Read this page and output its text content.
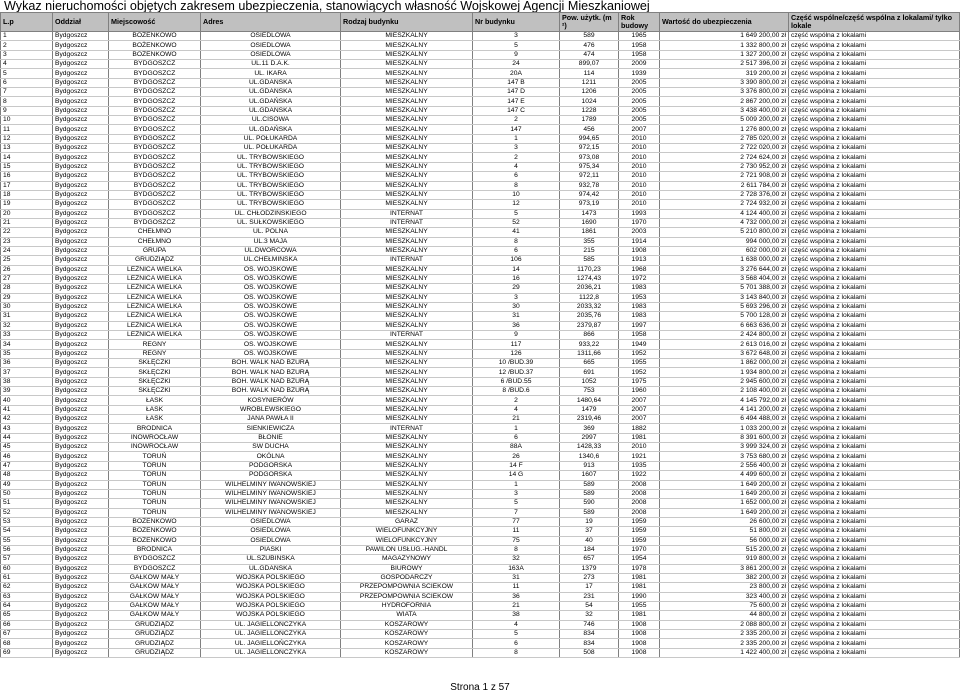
Wykaz nieruchomości objętych zakresem ubezpieczenia, stanowiących własność Wojskowej Agencji Mieszkaniowej
L.p	Oddział	Miejscowość	Adres	Rodzaj budynku	Nr budynku	Pow. użytk. (m ²)	Rok budowy	Wartość do ubezpieczenia	Część wspólne/część wspólna z lokalami/ tylko lokale
1	Bydgoszcz	BOŻENKOWO	OSIEDLOWA	MIESZKALNY	3	589	1965	1 649 200,00 zł	część wspólna z lokalami
2	Bydgoszcz	BOŻENKOWO	OSIEDLOWA	MIESZKALNY	5	476	1958	1 332 800,00 zł	część wspólna z lokalami
3	Bydgoszcz	BOŻENKOWO	OSIEDLOWA	MIESZKALNY	9	474	1958	1 327 200,00 zł	część wspólna z lokalami
4	Bydgoszcz	BYDGOSZCZ	UL.11 D.A.K.	MIESZKALNY	24	899,07	2009	2 517 396,00 zł	część wspólna z lokalami
5	Bydgoszcz	BYDGOSZCZ	UL. IKARA	MIESZKALNY	20A	114	1939	319 200,00 zł	część wspólna z lokalami
6	Bydgoszcz	BYDGOSZCZ	UL.GDAŃSKA	MIESZKALNY	147 B	1211	2005	3 390 800,00 zł	część wspólna z lokalami
7	Bydgoszcz	BYDGOSZCZ	UL.GDAŃSKA	MIESZKALNY	147 D	1206	2005	3 376 800,00 zł	część wspólna z lokalami
8	Bydgoszcz	BYDGOSZCZ	UL.GDAŃSKA	MIESZKALNY	147 E	1024	2005	2 867 200,00 zł	część wspólna z lokalami
9	Bydgoszcz	BYDGOSZCZ	UL.GDAŃSKA	MIESZKALNY	147 C	1228	2005	3 438 400,00 zł	część wspólna z lokalami
10	Bydgoszcz	BYDGOSZCZ	UL.CISOWA	MIESZKALNY	2	1789	2005	5 009 200,00 zł	część wspólna z lokalami
11	Bydgoszcz	BYDGOSZCZ	UL.GDAŃSKA	MIESZKALNY	147	456	2007	1 276 800,00 zł	część wspólna z lokalami
12	Bydgoszcz	BYDGOSZCZ	UL. POŁUKARDA	MIESZKALNY	1	994,65	2010	2 785 020,00 zł	część wspólna z lokalami
13	Bydgoszcz	BYDGOSZCZ	UL. POŁUKARDA	MIESZKALNY	3	972,15	2010	2 722 020,00 zł	część wspólna z lokalami
14	Bydgoszcz	BYDGOSZCZ	UL. TRYBOWSKIEGO	MIESZKALNY	2	973,08	2010	2 724 624,00 zł	część wspólna z lokalami
15	Bydgoszcz	BYDGOSZCZ	UL. TRYBOWSKIEGO	MIESZKALNY	4	975,34	2010	2 730 952,00 zł	część wspólna z lokalami
16	Bydgoszcz	BYDGOSZCZ	UL. TRYBOWSKIEGO	MIESZKALNY	6	972,11	2010	2 721 908,00 zł	część wspólna z lokalami
17	Bydgoszcz	BYDGOSZCZ	UL. TRYBOWSKIEGO	MIESZKALNY	8	932,78	2010	2 611 784,00 zł	część wspólna z lokalami
18	Bydgoszcz	BYDGOSZCZ	UL. TRYBOWSKIEGO	MIESZKALNY	10	974,42	2010	2 728 376,00 zł	część wspólna z lokalami
19	Bydgoszcz	BYDGOSZCZ	UL. TRYBOWSKIEGO	MIESZKALNY	12	973,19	2010	2 724 932,00 zł	część wspólna z lokalami
20	Bydgoszcz	BYDGOSZCZ	UL. CHŁODZIŃSKIEGO	INTERNAT	5	1473	1993	4 124 400,00 zł	część wspólna z lokalami
21	Bydgoszcz	BYDGOSZCZ	UL. SUŁKOWSKIEGO	INTERNAT	52	1690	1970	4 732 000,00 zł	część wspólna z lokalami
22	Bydgoszcz	CHEŁMNO	UL. POLNA	MIESZKALNY	41	1861	2003	5 210 800,00 zł	część wspólna z lokalami
23	Bydgoszcz	CHEŁMNO	UL.3 MAJA	MIESZKALNY	8	355	1914	994 000,00 zł	część wspólna z lokalami
24	Bydgoszcz	GRUPA	UL.DWORCOWA	MIESZKALNY	6	215	1908	602 000,00 zł	część wspólna z lokalami
25	Bydgoszcz	GRUDZIĄDZ	UL.CHEŁMIŃSKA	INTERNAT	106	585	1913	1 638 000,00 zł	część wspólna z lokalami
26	Bydgoszcz	LEŹNICA WIELKA	OS. WOJSKOWE	MIESZKALNY	14	1170,23	1968	3 276 644,00 zł	część wspólna z lokalami
27	Bydgoszcz	LEŹNICA WIELKA	OS. WOJSKOWE	MIESZKALNY	16	1274,43	1972	3 568 404,00 zł	część wspólna z lokalami
28	Bydgoszcz	LEŹNICA WIELKA	OS. WOJSKOWE	MIESZKALNY	29	2036,21	1983	5 701 388,00 zł	część wspólna z lokalami
29	Bydgoszcz	LEŹNICA WIELKA	OS. WOJSKOWE	MIESZKALNY	3	1122,8	1953	3 143 840,00 zł	część wspólna z lokalami
30	Bydgoszcz	LEŹNICA WIELKA	OS. WOJSKOWE	MIESZKALNY	30	2033,32	1983	5 693 296,00 zł	część wspólna z lokalami
31	Bydgoszcz	LEŹNICA WIELKA	OS. WOJSKOWE	MIESZKALNY	31	2035,76	1983	5 700 128,00 zł	część wspólna z lokalami
32	Bydgoszcz	LEŹNICA WIELKA	OS. WOJSKOWE	MIESZKALNY	36	2379,87	1997	6 663 636,00 zł	część wspólna z lokalami
33	Bydgoszcz	LEŹNICA WIELKA	OS. WOJSKOWE	INTERNAT	9	866	1958	2 424 800,00 zł	część wspólna z lokalami
34	Bydgoszcz	REGNY	OS. WOJSKOWE	MIESZKALNY	117	933,22	1949	2 613 016,00 zł	część wspólna z lokalami
35	Bydgoszcz	REGNY	OS. WOJSKOWE	MIESZKALNY	126	1311,66	1952	3 672 648,00 zł	część wspólna z lokalami
36	Bydgoszcz	SKŁĘCZKI	BOH. WALK NAD BZURĄ	MIESZKALNY	10 /BUD.39	665	1955	1 862 000,00 zł	część wspólna z lokalami
37	Bydgoszcz	SKŁĘCZKI	BOH. WALK NAD BZURĄ	MIESZKALNY	12 /BUD.37	691	1952	1 934 800,00 zł	część wspólna z lokalami
38	Bydgoszcz	SKŁĘCZKI	BOH. WALK NAD BZURĄ	MIESZKALNY	6 /BUD.55	1052	1975	2 945 600,00 zł	część wspólna z lokalami
39	Bydgoszcz	SKŁĘCZKI	BOH. WALK NAD BZURĄ	MIESZKALNY	8 /BUD.6	753	1960	2 108 400,00 zł	część wspólna z lokalami
40	Bydgoszcz	ŁASK	KOSYNIERÓW	MIESZKALNY	2	1480,64	2007	4 145 792,00 zł	część wspólna z lokalami
41	Bydgoszcz	ŁASK	WRÓBLEWSKIEGO	MIESZKALNY	4	1479	2007	4 141 200,00 zł	część wspólna z lokalami
42	Bydgoszcz	ŁASK	JANA PAWŁA II	MIESZKALNY	21	2319,46	2007	6 494 488,00 zł	część wspólna z lokalami
43	Bydgoszcz	BRODNICA	SIENKIEWICZA	INTERNAT	1	369	1882	1 033 200,00 zł	część wspólna z lokalami
44	Bydgoszcz	INOWROCŁAW	BŁONIE	MIESZKALNY	6	2997	1981	8 391 600,00 zł	część wspólna z lokalami
45	Bydgoszcz	INOWROCŁAW	SW DUCHA	MIESZKALNY	88A	1428,33	2010	3 999 324,00 zł	część wspólna z lokalami
46	Bydgoszcz	TORUŃ	OKÓLNA	MIESZKALNY	26	1340,6	1921	3 753 680,00 zł	część wspólna z lokalami
47	Bydgoszcz	TORUŃ	PODGÓRSKA	MIESZKALNY	14 F	913	1935	2 556 400,00 zł	część wspólna z lokalami
48	Bydgoszcz	TORUŃ	PODGÓRSKA	MIESZKALNY	14 G	1607	1922	4 499 600,00 zł	część wspólna z lokalami
49	Bydgoszcz	TORUŃ	WILHELMINY IWANOWSKIEJ	MIESZKALNY	1	589	2008	1 649 200,00 zł	część wspólna z lokalami
50	Bydgoszcz	TORUŃ	WILHELMINY IWANOWSKIEJ	MIESZKALNY	3	589	2008	1 649 200,00 zł	część wspólna z lokalami
51	Bydgoszcz	TORUŃ	WILHELMINY IWANOWSKIEJ	MIESZKALNY	5	590	2008	1 652 000,00 zł	część wspólna z lokalami
52	Bydgoszcz	TORUŃ	WILHELMINY IWANOWSKIEJ	MIESZKALNY	7	589	2008	1 649 200,00 zł	część wspólna z lokalami
53	Bydgoszcz	BOŻENKOWO	OSIEDLOWA	GARAŻ	77	19	1959	26 600,00 zł	część wspólna z lokalami
54	Bydgoszcz	BOŻENKOWO	OSIEDLOWA	WIELOFUNKCYJNY	11	37	1959	51 800,00 zł	część wspólna z lokalami
55	Bydgoszcz	BOŻENKOWO	OSIEDLOWA	WIELOFUNKCYJNY	75	40	1959	56 000,00 zł	część wspólna z lokalami
56	Bydgoszcz	BRODNICA	PIASKI	PAWILON USŁUG.-HANDL	8	184	1970	515 200,00 zł	część wspólna z lokalami
57	Bydgoszcz	BYDGOSZCZ	UL.SZUBIŃSKA	MAGAZYNOWY	32	657	1954	919 800,00 zł	część wspólna z lokalami
60	Bydgoszcz	BYDGOSZCZ	UL.GDAŃSKA	BIUROWY	163A	1379	1978	3 861 200,00 zł	część wspólna z lokalami
61	Bydgoszcz	GAŁKÓW MAŁY	WOJSKA POLSKIEGO	GOSPODARCZY	31	273	1981	382 200,00 zł	część wspólna z lokalami
62	Bydgoszcz	GAŁKÓW MAŁY	WOJSKA POLSKIEGO	PRZEPOMPOWNIA ŚCIEKÓW	11	17	1981	23 800,00 zł	część wspólna z lokalami
63	Bydgoszcz	GAŁKÓW MAŁY	WOJSKA POLSKIEGO	PRZEPOMPOWNIA ŚCIEKÓW	36	231	1990	323 400,00 zł	część wspólna z lokalami
64	Bydgoszcz	GAŁKÓW MAŁY	WOJSKA POLSKIEGO	HYDROFORNIA	21	54	1955	75 600,00 zł	część wspólna z lokalami
65	Bydgoszcz	GAŁKÓW MAŁY	WOJSKA POLSKIEGO	WIATA	38	32	1981	44 800,00 zł	część wspólna z lokalami
66	Bydgoszcz	GRUDZIĄDZ	UL. JAGIELLOŃCZYKA	KOSZAROWY	4	746	1908	2 088 800,00 zł	część wspólna z lokalami
67	Bydgoszcz	GRUDZIĄDZ	UL. JAGIELLOŃCZYKA	KOSZAROWY	5	834	1908	2 335 200,00 zł	część wspólna z lokalami
68	Bydgoszcz	GRUDZIĄDZ	UL. JAGIELLOŃCZYKA	KOSZAROWY	6	834	1908	2 335 200,00 zł	część wspólna z lokalami
69	Bydgoszcz	GRUDZIĄDZ	UL. JAGIELLOŃCZYKA	KOSZAROWY	8	508	1908	1 422 400,00 zł	część wspólna z lokalami
Strona 1 z 57
